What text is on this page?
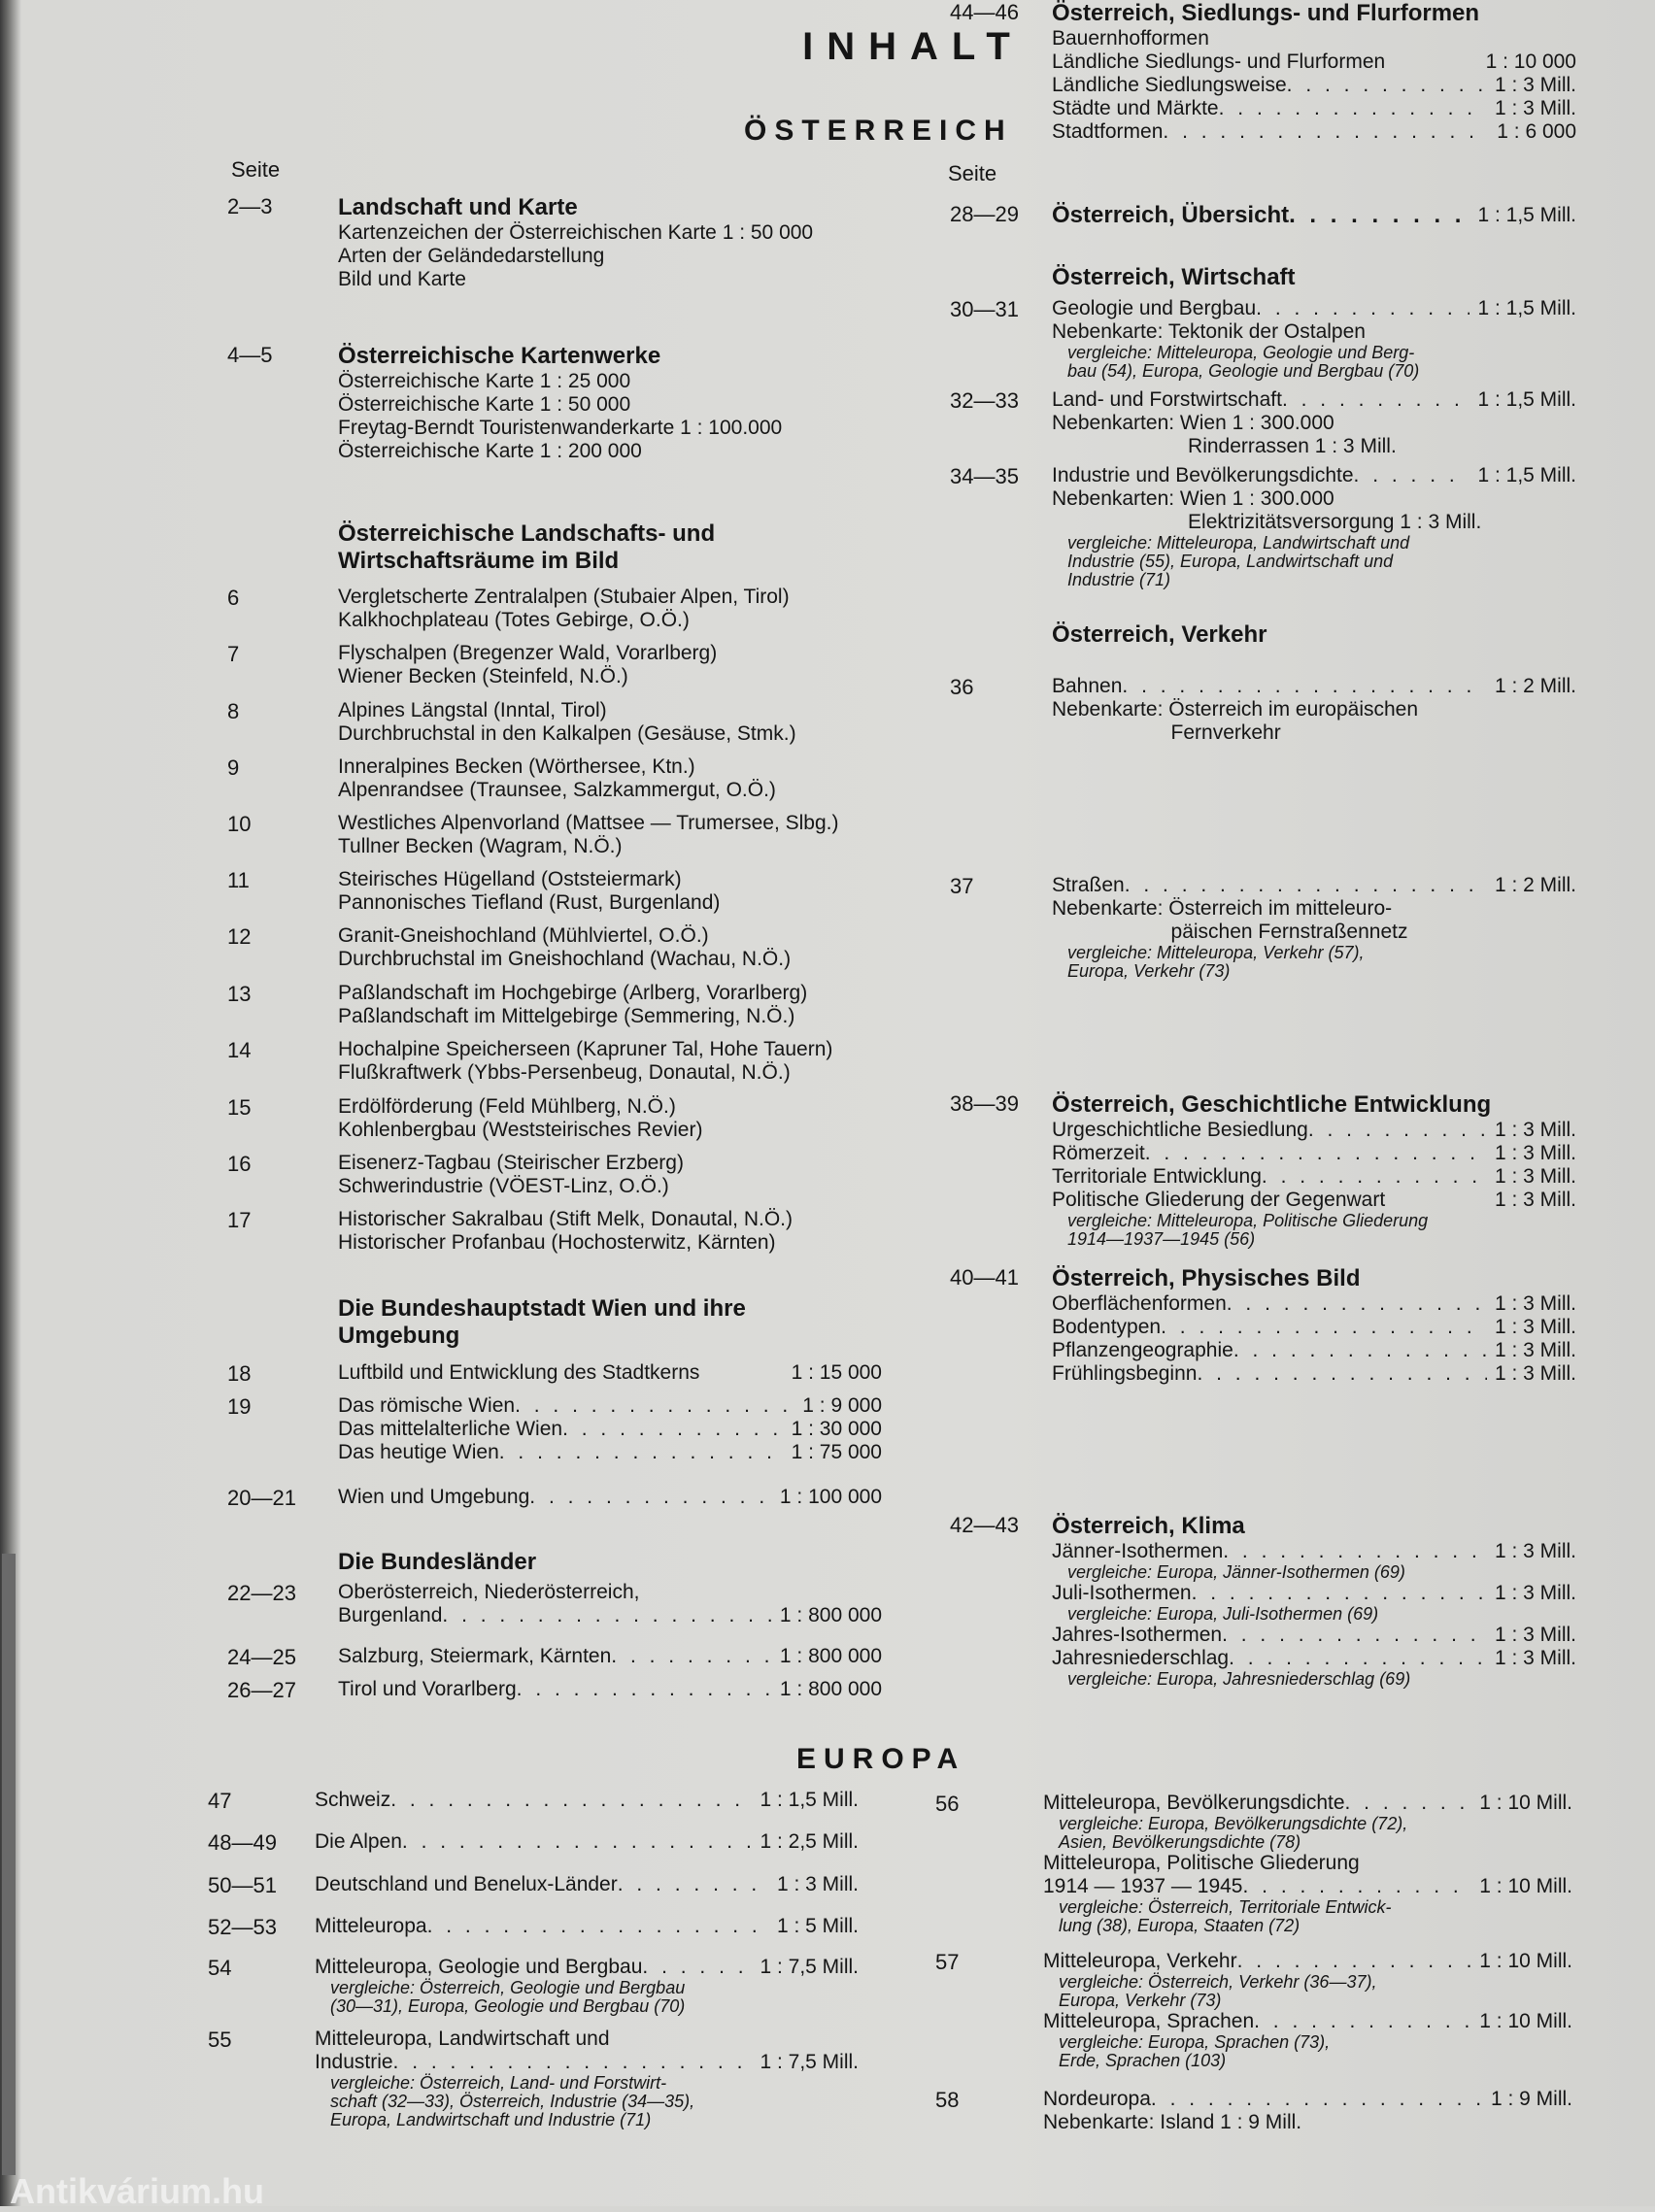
INHALT
ÖSTERREICH
Seite	Seite
EUROPA
2—3	Landschaft und Karte
Kartenzeichen der Österreichischen Karte 1 : 50 000
Arten der Geländedarstellung
Bild und Karte
4—5	Österreichische Kartenwerke
Österreichische Karte 1 : 25 000
Österreichische Karte 1 : 50 000
Freytag-Berndt Touristenwanderkarte 1 : 100.000
Österreichische Karte 1 : 200 000
Österreichische Landschafts- und
Wirtschaftsräume im Bild
6	Vergletscherte Zentralalpen (Stubaier Alpen, Tirol)
Kalkhochplateau (Totes Gebirge, O.Ö.)
7	Flyschalpen (Bregenzer Wald, Vorarlberg)
Wiener Becken (Steinfeld, N.Ö.)
8	Alpines Längstal (Inntal, Tirol)
Durchbruchstal in den Kalkalpen (Gesäuse, Stmk.)
9	Inneralpines Becken (Wörthersee, Ktn.)
Alpenrandsee (Traunsee, Salzkammergut, O.Ö.)
10	Westliches Alpenvorland (Mattsee — Trumersee, Slbg.)
Tullner Becken (Wagram, N.Ö.)
11	Steirisches Hügelland (Oststeiermark)
Pannonisches Tiefland (Rust, Burgenland)
12	Granit-Gneishochland (Mühlviertel, O.Ö.)
Durchbruchstal im Gneishochland (Wachau, N.Ö.)
13	Paßlandschaft im Hochgebirge (Arlberg, Vorarlberg)
Paßlandschaft im Mittelgebirge (Semmering, N.Ö.)
14	Hochalpine Speicherseen (Kapruner Tal, Hohe Tauern)
Flußkraftwerk (Ybbs-Persenbeug, Donautal, N.Ö.)
15	Erdölförderung (Feld Mühlberg, N.Ö.)
Kohlenbergbau (Weststeirisches Revier)
16	Eisenerz-Tagbau (Steirischer Erzberg)
Schwerindustrie (VÖEST-Linz, O.Ö.)
17	Historischer Sakralbau (Stift Melk, Donautal, N.Ö.)
Historischer Profanbau (Hochosterwitz, Kärnten)
Die Bundeshauptstadt Wien und ihre
Umgebung
18	Luftbild und Entwicklung des Stadtkerns	1 : 15 000
19	Das römische Wien . . .	1 : 9 000
Das mittelalterliche Wien . . .	1 : 30 000
Das heutige Wien . . .	1 : 75 000
20—21 Wien und Umgebung . . .	1 : 100 000
Die Bundesländer
22—23 Oberösterreich, Niederösterreich,
Burgenland . . .	1 : 800 000
24—25 Salzburg, Steiermark, Kärnten . . .	1 : 800 000
26—27 Tirol und Vorarlberg . . .	1 : 800 000
28—29 Österreich, Übersicht . . .	1 : 1,5 Mill.
Österreich, Wirtschaft
30—31 Geologie und Bergbau . . .	1 : 1,5 Mill.
Nebenkarte: Tektonik der Ostalpen
vergleiche: Mitteleuropa, Geologie und Berg-
bau (54), Europa, Geologie und Bergbau (70)
32—33 Land- und Forstwirtschaft . . .	1 : 1,5 Mill.
Nebenkarten: Wien 1 : 300.000
Rinderrassen 1 : 3 Mill.
34—35 Industrie und Bevölkerungsdichte . . .	1 : 1,5 Mill.
Nebenkarten: Wien 1 : 300.000
Elektrizitätsversorgung 1 : 3 Mill.
vergleiche: Mitteleuropa, Landwirtschaft und
Industrie (55), Europa, Landwirtschaft und
Industrie (71)
Österreich, Verkehr
36	Bahnen . . .	1 : 2 Mill.
Nebenkarte: Österreich im europäischen
Fernverkehr
37	Straßen . . .	1 : 2 Mill.
Nebenkarte: Österreich im mitteleuro-
päischen Fernstraßennetz
vergleiche: Mitteleuropa, Verkehr (57),
Europa, Verkehr (73)
38—39 Österreich, Geschichtliche Entwicklung
Urgeschichtliche Besiedlung . . .	1 : 3 Mill.
Römerzeit . . .	1 : 3 Mill.
Territoriale Entwicklung . . .	1 : 3 Mill.
Politische Gliederung der Gegenwart	1 : 3 Mill.
vergleiche: Mitteleuropa, Politische Gliederung
1914—1937—1945 (56)
40—41 Österreich, Physisches Bild
Oberflächenformen . . .	1 : 3 Mill.
Bodentypen . . .	1 : 3 Mill.
Pflanzengeographie . . .	1 : 3 Mill.
Frühlingsbeginn . . .	1 : 3 Mill.
42—43 Österreich, Klima
Jänner-Isothermen . . .	1 : 3 Mill.
vergleiche: Europa, Jänner-Isothermen (69)
Juli-Isothermen . . .	1 : 3 Mill.
vergleiche: Europa, Juli-Isothermen (69)
Jahres-Isothermen . . .	1 : 3 Mill.
Jahresniederschlag . . .	1 : 3 Mill.
vergleiche: Europa, Jahresniederschlag (69)
44—46 Österreich, Siedlungs- und Flurformen
Bauernhofformen
Ländliche Siedlungs- und Flurformen	1 : 10 000
Ländliche Siedlungsweise . . .	1 : 3 Mill.
Städte und Märkte . . .	1 : 3 Mill.
Stadtformen . . .	1 : 6 000
47	Schweiz . . .	1 : 1,5 Mill.
48—49 Die Alpen . . .	1 : 2,5 Mill.
50—51 Deutschland und Benelux-Länder . . .	1 : 3 Mill.
52—53 Mitteleuropa . . .	1 : 5 Mill.
54	Mitteleuropa, Geologie und Bergbau . . .	1 : 7,5 Mill.
vergleiche: Österreich, Geologie und Bergbau
(30—31), Europa, Geologie und Bergbau (70)
55	Mitteleuropa, Landwirtschaft und
Industrie . . .	1 : 7,5 Mill.
vergleiche: Österreich, Land- und Forstwirt-
schaft (32—33), Österreich, Industrie (34—35),
Europa, Landwirtschaft und Industrie (71)
56	Mitteleuropa, Bevölkerungsdichte . . .	1 : 10 Mill.
vergleiche: Europa, Bevölkerungsdichte (72),
Asien, Bevölkerungsdichte (78)
Mitteleuropa, Politische Gliederung
1914 — 1937 — 1945 . . .	1 : 10 Mill.
vergleiche: Österreich, Territoriale Entwick-
lung (38), Europa, Staaten (72)
57	Mitteleuropa, Verkehr . . .	1 : 10 Mill.
vergleiche: Österreich, Verkehr (36—37),
Europa, Verkehr (73)
Mitteleuropa, Sprachen . . .	1 : 10 Mill.
vergleiche: Europa, Sprachen (73),
Erde, Sprachen (103)
58	Nordeuropa . . .	1 : 9 Mill.
Nebenkarte: Island 1 : 9 Mill.
Antikvárium.hu
